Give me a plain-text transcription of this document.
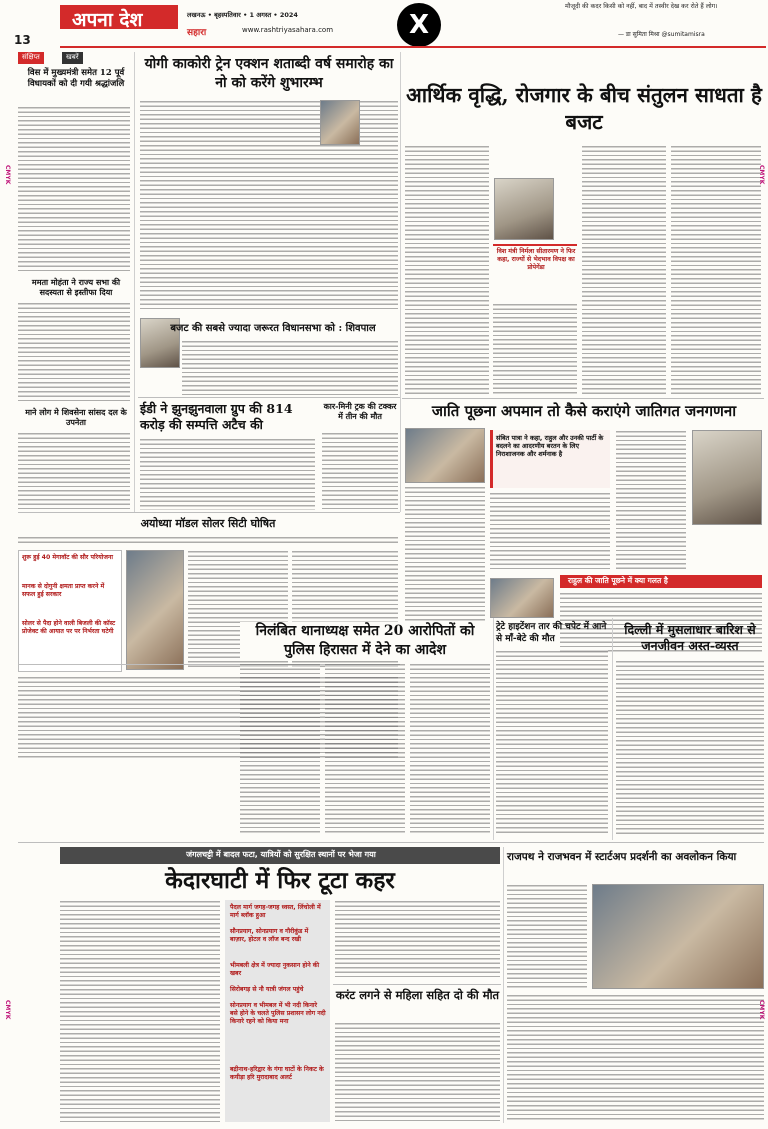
अपना देश
13
लखनऊ • बृहस्पतिवार • 1 अगस्त • 2024
सहारा	www.rashtriyasahara.com	X
मौजूदी की कदर किसी को नहीं, बाद में तस्वीर देख कर रोते हैं लोग।
— डा सुमिता मिश्रा @sumitamisra
संक्षिप्त	खबरें
विस में मुख्यमंत्री समेत 12 पूर्व विधायकों को दी गयी श्रद्धांजलि
ममता मोहंता ने राज्य सभा की सदस्यता से इस्तीफा दिया
माने लोग मे शिवसेना सांसद दल के उपनेता
योगी काकोरी ट्रेन एक्शन शताब्दी वर्ष समारोह का नो को करेंगे शुभारम्भ
बजट की सबसे ज्यादा जरूरत विधानसभा को : शिवपाल
ईडी ने झुनझुनवाला ग्रुप की 814 करोड़ की सम्पत्ति अटैच की
कार-मिनी ट्रक की टक्कर में तीन की मौत
आर्थिक वृद्धि, रोजगार के बीच संतुलन साधता है बजट
विश मंत्री निर्मला सीतारमण ने फिर कहा, राज्यों से भेदभाव विपक्ष का प्रोपेगेंडा
जाति पूछना अपमान तो कैसे कराएंगे जातिगत जनगणना
संबित पात्रा ने कहा, राहुल और उनकी पार्टी के बदलने का आदरणीय बरतन के लिए निराशाजनक और शर्मनाक है
राहुल की जाति पूछने में क्या गलत है
अयोध्या मॉडल सोलर सिटी घोषित
शुरू हुई 40 मेगावॉट की सौर परियोजना
मानक से दोगुनी क्षमता प्राप्त करने में सफल हुई सरकार
सोलर से पैदा होने वाली बिजली की कॉस्ट प्रोजेक्ट की आयात पर पर निर्भरता घटेगी	निलंबित थानाध्यक्ष समेत 20 आरोपितों को पुलिस हिरासत में देने का आदेश
ट्रेटे हाइटेंशन तार की चपेट में आने से माँ-बेटे की मौत
दिल्ली में मुसलाधार बारिश से जनजीवन अस्त-व्यस्त
जंगलचट्टी में बादल फटा, यात्रियों को सुरक्षित स्थानों पर भेजा गया
केदारघाटी में फिर टूटा कहर
पैदल मार्ग जगह-जगह ध्वस्त, लिंचोली में मार्ग ब्लॉक हुआ
सौनप्रयाग, सोनप्रयाग व गौरीकुंड में बाज़ार, होटल व लॉज बन्द रखी
भीमबली क्षेत्र में ज्यादा नुकसान होने की खबर
सिरोबगड़ से नौ यात्री जंगल पहुंचे
सोनप्रयाग व भीमबल में भी नदी किनारे बसे होने के चलते पुलिस प्रशासन लोग नदी किनारे रहने को किया मना
बद्रीनाथ-हरिद्वार के गंगा घाटों के निकट के कयीड़ा हरि मुरादाबाद अलर्ट
करंट लगने से महिला सहित दो की मौत
राजपथ ने राजभवन में स्टार्टअप प्रदर्शनी का अवलोकन किया
CMYK
CMYK
CMYK
CMYK
